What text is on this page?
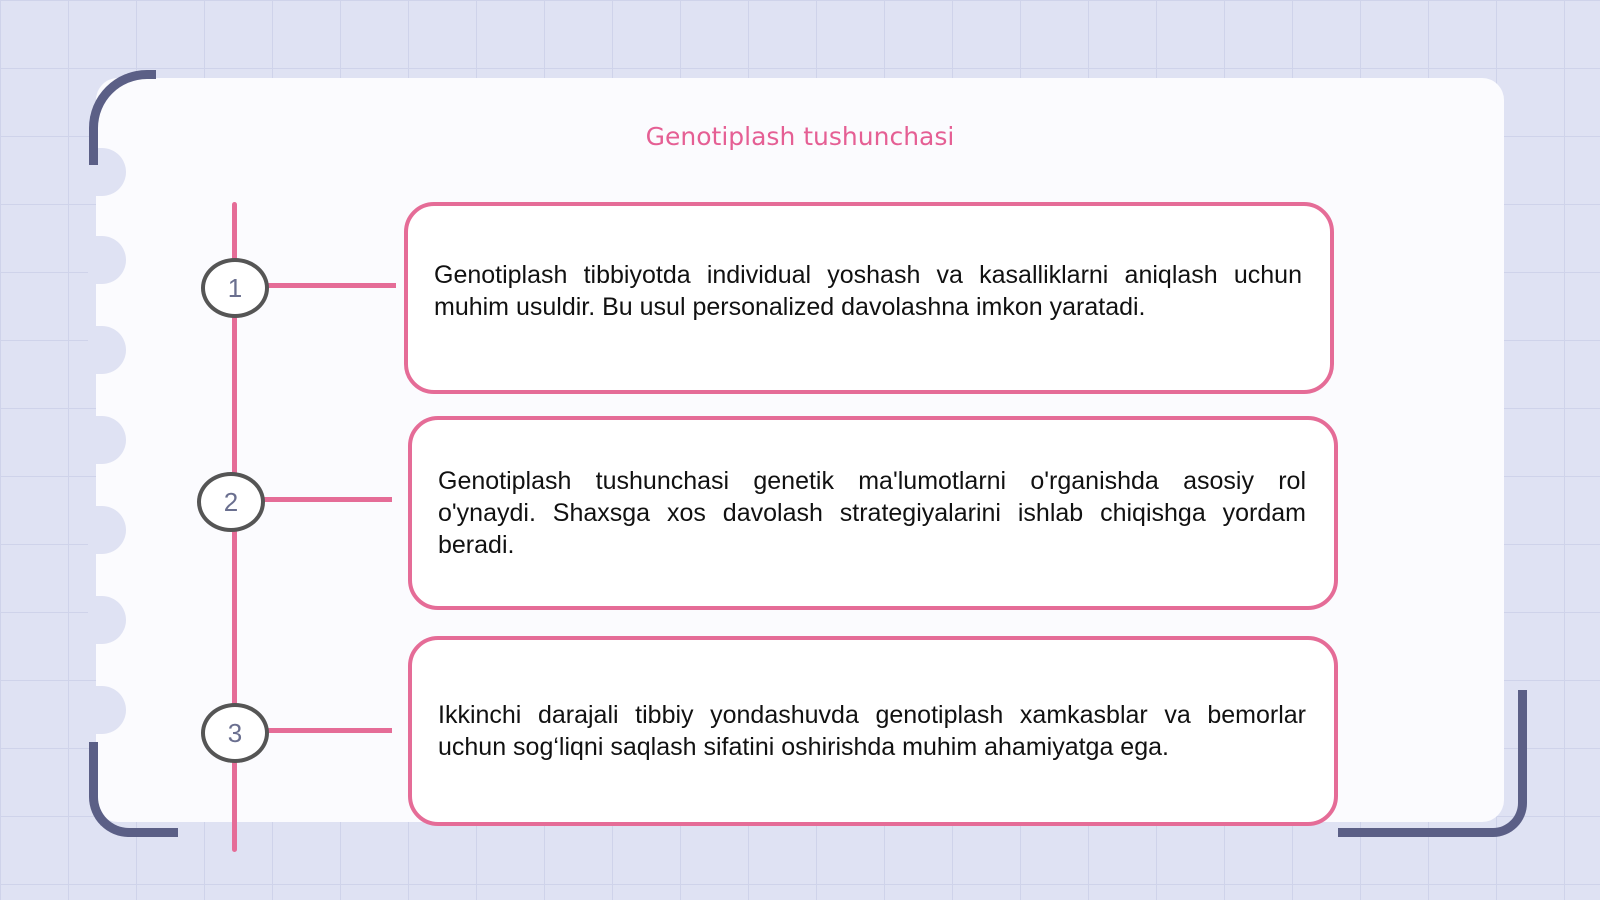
Genotiplash tushunchasi
1	Genotiplash tibbiyotda individual yoshash va kasalliklarni aniqlash uchun muhim usuldir. Bu usul personalized davolashna imkon yaratadi.

2

Genotiplash tushunchasi genetik ma'lumotlarni o'rganishda asosiy rol o'ynaydi. Shaxsga xos davolash strategiyalarini ishlab chiqishga yordam beradi.

3

Ikkinchi darajali tibbiy yondashuvda genotiplash xamkasblar va bemorlar uchun sog‘liqni saqlash sifatini oshirishda muhim ahamiyatga ega.
